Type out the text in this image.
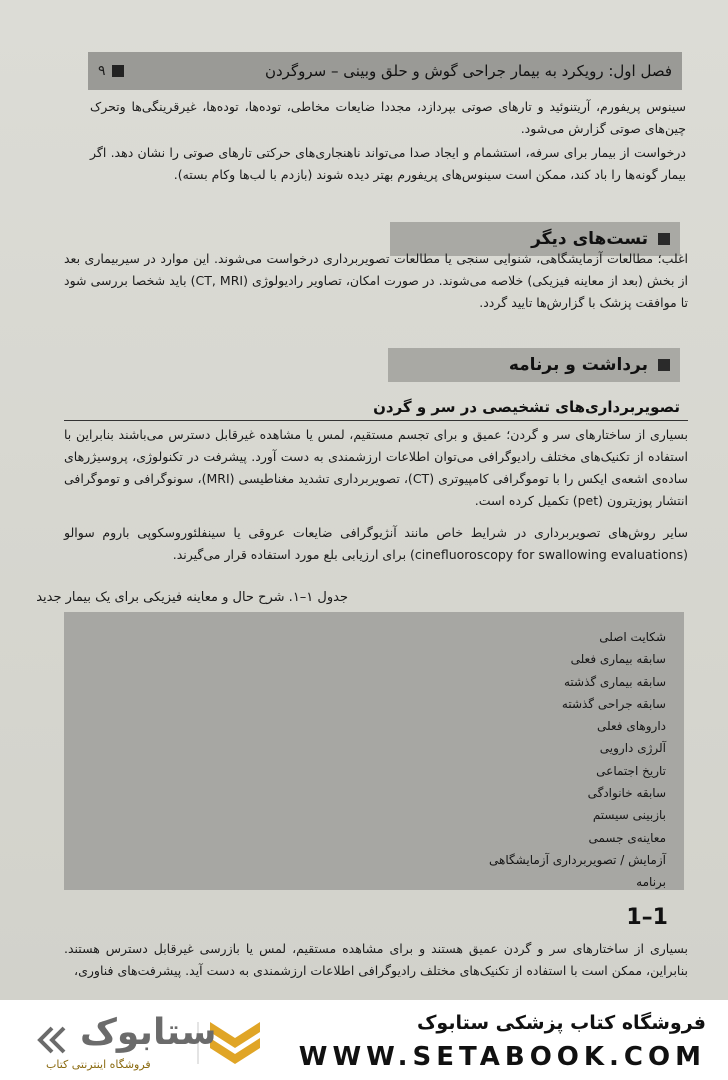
فصل اول: رویکرد به بیمار جراحی گوش و حلق وبینی – سروگردن
۹
سینوس پریفورم، آریتنوئید و تارهای صوتی بپردازد، مجددا ضایعات مخاطی، توده‌ها، توده‌ها، غیرقرینگی‌ها وتحرک چین‌های صوتی گزارش می‌شود.
درخواست از بیمار برای سرفه، استشمام و ایجاد صدا می‌تواند ناهنجاری‌های حرکتی تارهای صوتی را نشان دهد. اگر بیمار گونه‌ها را باد کند، ممکن است سینوس‌های پریفورم بهتر دیده شوند (بازدم با لب‌ها وکام بسته).
تست‌های دیگر
اغلب؛ مطالعات آزمایشگاهی، شنوایی سنجی یا مطالعات تصویربرداری درخواست می‌شوند. این موارد در سیربیماری بعد از بخش (بعد از معاینه فیزیکی) خلاصه می‌شوند. در صورت امکان، تصاویر رادیولوژی (CT, MRI) باید شخصا بررسی شود تا موافقت پزشک با گزارش‌ها تایید گردد.
برداشت و برنامه
تصویربرداری‌های تشخیصی در سر و گردن
بسیاری از ساختارهای سر و گردن؛ عمیق و برای تجسم مستقیم، لمس یا مشاهده غیرقابل دسترس می‌باشند بنابراین با استفاده از تکنیک‌های مختلف رادیوگرافی می‌توان اطلاعات ارزشمندی به دست آورد. پیشرفت در تکنولوژی، پروسیژرهای ساده‌ی اشعه‌ی ایکس را با توموگرافی کامپیوتری (CT)، تصویربرداری تشدید مغناطیسی (MRI)، سونوگرافی و توموگرافی انتشار پوزیترون (pet) تکمیل کرده است.
سایر روش‌های تصویربرداری در شرایط خاص مانند آنژیوگرافی ضایعات عروقی یا سینفلئوروسکوپی باروم سوالو (cinefluoroscopy for swallowing evaluations) برای ارزیابی بلع مورد استفاده قرار می‌گیرند.
جدول ۱–۱. شرح حال و معاینه فیزیکی برای یک بیمار جدید
شکایت اصلی
سابقه بیماری فعلی
سابقه بیماری گذشته
سابقه جراحی گذشته
داروهای فعلی
آلرژی دارویی
تاریخ اجتماعی
سابقه خانوادگی
بازبینی سیستم
معاینه‌ی جسمی
آزمایش / تصویربرداری آزمایشگاهی
برنامه
1–1
بسیاری از ساختارهای سر و گردن عمیق هستند و برای مشاهده مستقیم، لمس یا بازرسی غیرقابل دسترس هستند. بنابراین، ممکن است با استفاده از تکنیک‌های مختلف رادیوگرافی اطلاعات ارزشمندی به دست آید. پیشرفت‌های فناوری،
فروشگاه کتاب پزشکی ستابوک
WWW.SETABOOK.COM
ستابوک
فروشگاه اینترنتی کتاب
